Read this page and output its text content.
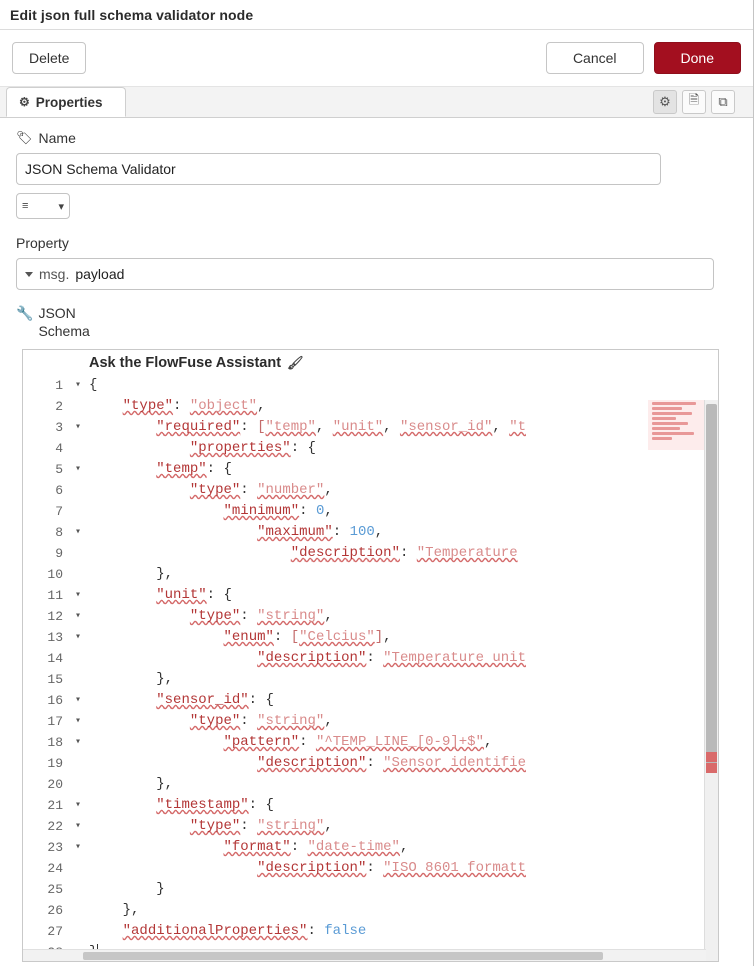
Edit json full schema validator node
Delete	Cancel	Done
⚙ Properties	⚙ 🗎 ⧉
🏷 Name
JSON Schema Validator
≡	▾
Property
msg. payload
🔧 JSON
Schema
Ask the FlowFuse Assistant 🖌
1	▾ {
2	"type": "object",
3	▾	"required": ["temp", "unit", "sensor_id", "t
4	"properties": {
5	▾	"temp": {
6	"type": "number",
7	"minimum": 0,
8	▾	"maximum": 100,
9	"description": "Temperature
10	},
11	▾	"unit": {
12	▾	"type": "string",
13	▾	"enum": ["Celcius"],
14	"description": "Temperature unit
15	},
16	▾	"sensor_id": {
17	▾	"type": "string",
18	▾	"pattern": "^TEMP_LINE_[0-9]+$",
19	"description": "Sensor identifie
20	},
21	▾	"timestamp": {
22	▾	"type": "string",
23	▾	"format": "date-time",
24	"description": "ISO 8601 formatt
25	}
26	},
27	"additionalProperties": false
